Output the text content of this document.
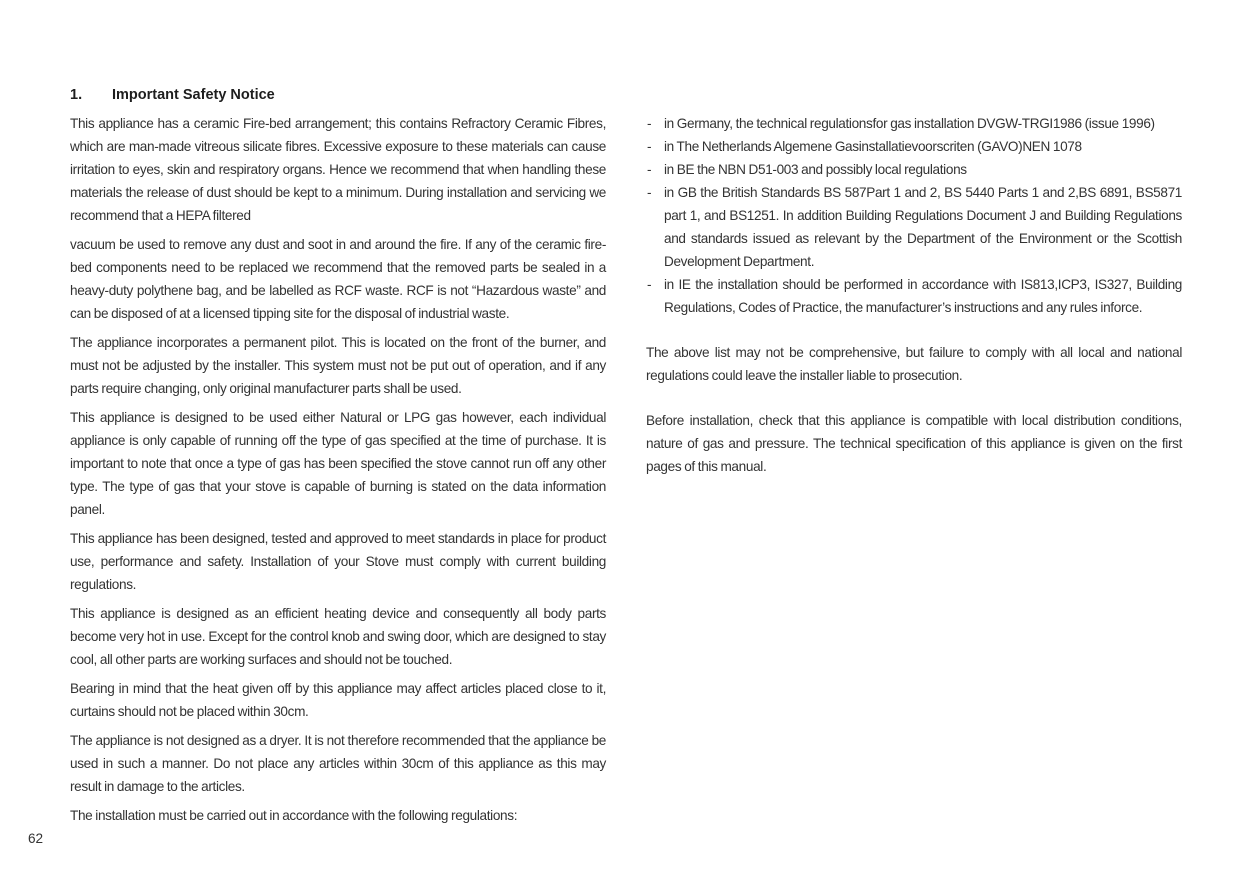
1.	Important Safety Notice

This appliance has a ceramic Fire-bed arrangement; this contains Refractory Ceramic Fibres, which are man-made vitreous silicate fibres. Excessive exposure to these materials can cause irritation to eyes, skin and respiratory organs. Hence we recommend that when handling these materials the release of dust should be kept to a minimum. During installation and servicing we recommend that a HEPA filtered

vacuum be used to remove any dust and soot in and around the fire. If any of the ceramic fire-bed components need to be replaced we recommend that the removed parts be sealed in a heavy-duty polythene bag, and be labelled as RCF waste. RCF is not “Hazardous waste” and can be disposed of at a licensed tipping site for the disposal of industrial waste.

The appliance incorporates a permanent pilot. This is located on the front of the burner, and must not be adjusted by the installer. This system must not be put out of operation, and if any parts require changing, only original manufacturer parts shall be used.

This appliance is designed to be used either Natural or LPG gas however, each individual appliance is only capable of running off the type of gas specified at the time of purchase. It is important to note that once a type of gas has been specified the stove cannot run off any other type. The type of gas that your stove is capable of burning is stated on the data information panel.

This appliance has been designed, tested and approved to meet standards in place for product use, performance and safety. Installation of your Stove must comply with current building regulations.

This appliance is designed as an efficient heating device and consequently all body parts become very hot in use. Except for the control knob and swing door, which are designed to stay cool, all other parts are working surfaces and should not be touched.

Bearing in mind that the heat given off by this appliance may affect articles placed close to it, curtains should not be placed within 30cm.

The appliance is not designed as a dryer. It is not therefore recommended that the appliance be used in such a manner. Do not place any articles within 30cm of this appliance as this may result in damage to the articles.

The installation must be carried out in accordance with the following regulations:

- in Germany, the technical regulationsfor gas installation DVGW-TRGI1986 (issue 1996)
- in The Netherlands Algemene Gasinstallatievoorscriten (GAVO)NEN 1078
- in BE the NBN D51-003 and possibly local regulations
- in GB the British Standards BS 587Part 1 and 2, BS 5440 Parts 1 and 2,BS 6891, BS5871 part 1, and BS1251. In addition Building Regulations Document J and Building Regulations and standards issued as relevant by the Department of the Environment or the Scottish Development Department.
- in IE the installation should be performed in accordance with IS813,ICP3, IS327, Building Regulations, Codes of Practice, the manufacturer’s instructions and any rules inforce.

The above list may not be comprehensive, but failure to comply with all local and national regulations could leave the installer liable to prosecution.

Before installation, check that this appliance is compatible with local distribution conditions, nature of gas and pressure. The technical specification of this appliance is given on the first pages of this manual.

62
